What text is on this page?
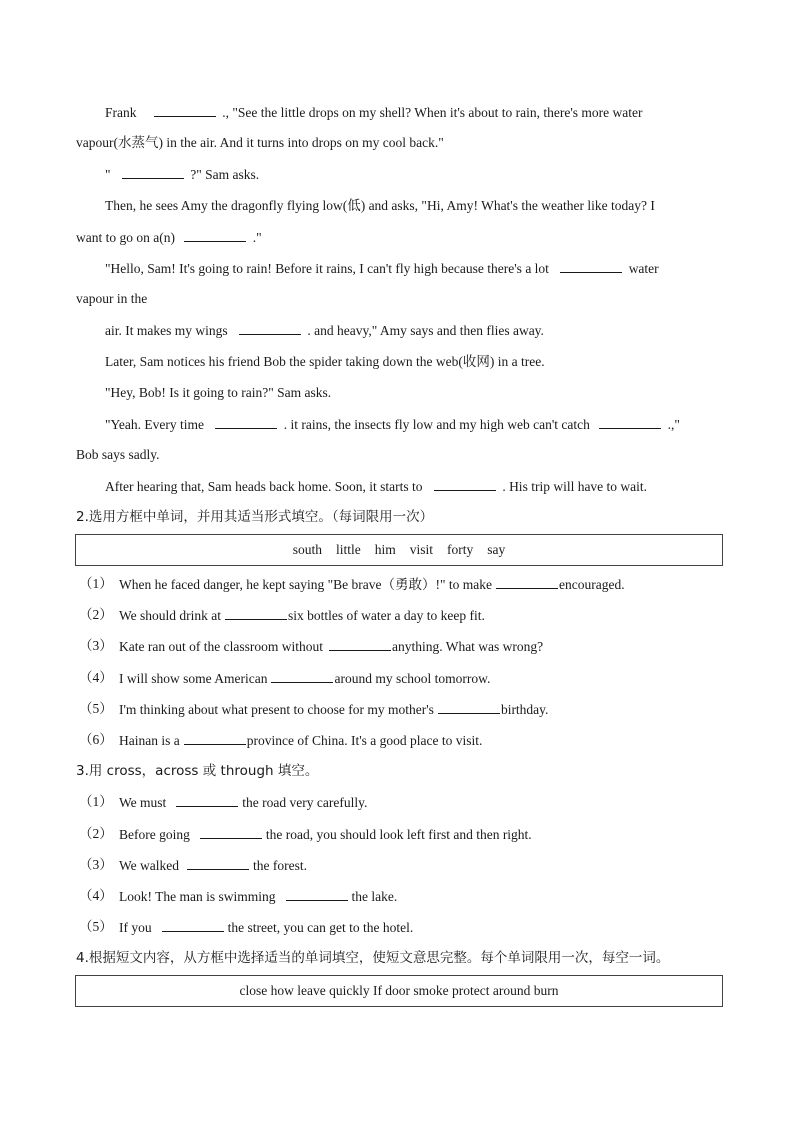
Frank	., "See the little drops on my shell? When it's about to rain, there's more water
vapour(水蒸气) in the air. And it turns into drops on my cool back."
"	?" Sam asks.
Then, he sees Amy the dragonfly flying low(低) and asks, "Hi, Amy! What's the weather like today? I
want to go on a(n)	."
"Hello, Sam! It's going to rain! Before it rains, I can't fly high because there's a lot	water
vapour in the
air. It makes my wings	. and heavy," Amy says and then flies away.
Later, Sam notices his friend Bob the spider taking down the web(收网) in a tree.
"Hey, Bob! Is it going to rain?" Sam asks.
"Yeah. Every time	. it rains, the insects fly low and my high web can't catch	.,"
Bob says sadly.
After hearing that, Sam heads back home. Soon, it starts to	. His trip will have to wait.
2.选用方框中单词，并用其适当形式填空。（每词限用一次）
south little him visit forty say
（1） When he faced danger, he kept saying "Be brave（勇敢）!" to make	encouraged.
（2） We should drink at	six bottles of water a day to keep fit.
（3） Kate ran out of the classroom without	anything. What was wrong?
（4） I will show some American	around my school tomorrow.
（5） I'm thinking about what present to choose for my mother's	birthday.
（6） Hainan is a	province of China. It's a good place to visit.
3.用 cross，across 或 through 填空。
（1） We must	the road very carefully.
（2） Before going	the road, you should look left first and then right.
（3） We walked	the forest.
（4） Look! The man is swimming	the lake.
（5） If you	the street, you can get to the hotel.
4.根据短文内容，从方框中选择适当的单词填空，使短文意思完整。每个单词限用一次，每空一词。
close how leave quickly If door smoke protect around burn
